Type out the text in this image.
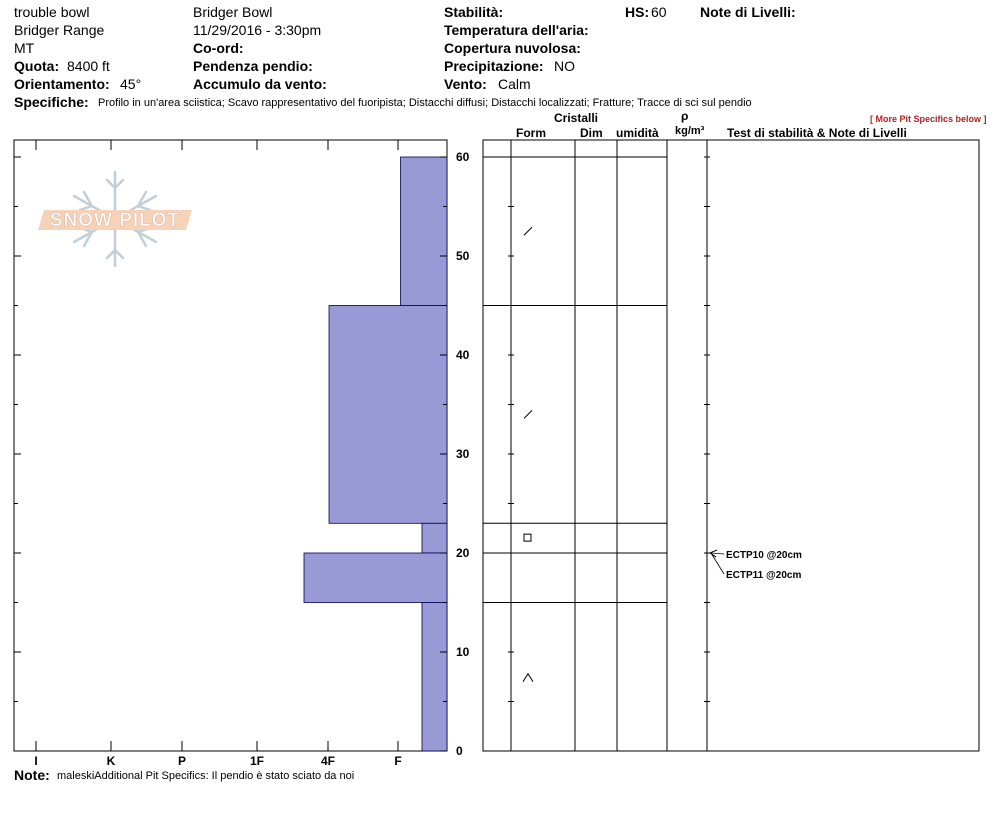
trouble bowl	Bridger Bowl
Bridger Range	11/29/2016 - 3:30pm
MT	Co-ord:
Quota: 8400 ft	Pendenza pendio:
Orientamento: 45°	Accumulo da vento:
Stabilità:
Temperatura dell'aria:
Copertura nuvolosa:
Precipitazione: NO
Vento: Calm
HS: 60 Note di Livelli:
Specifiche: Profilo in un'area sciistica; Scavo rappresentativo del fuoripista; Distacchi diffusi; Distacchi localizzati; Fratture; Tracce di sci sul pendio
[ More Pit Specifics below ]
Cristalli
Form	Dim umidità
ρ
kg/m³ Test di stabilità & Note di Livelli
SNOW PILOT
0
10
20
30
40
50
60
I	K	P	1F	4F	F
ECTP10 @20cm
ECTP11 @20cm
Note: maleskiAdditional Pit Specifics: Il pendio è stato sciato da noi
